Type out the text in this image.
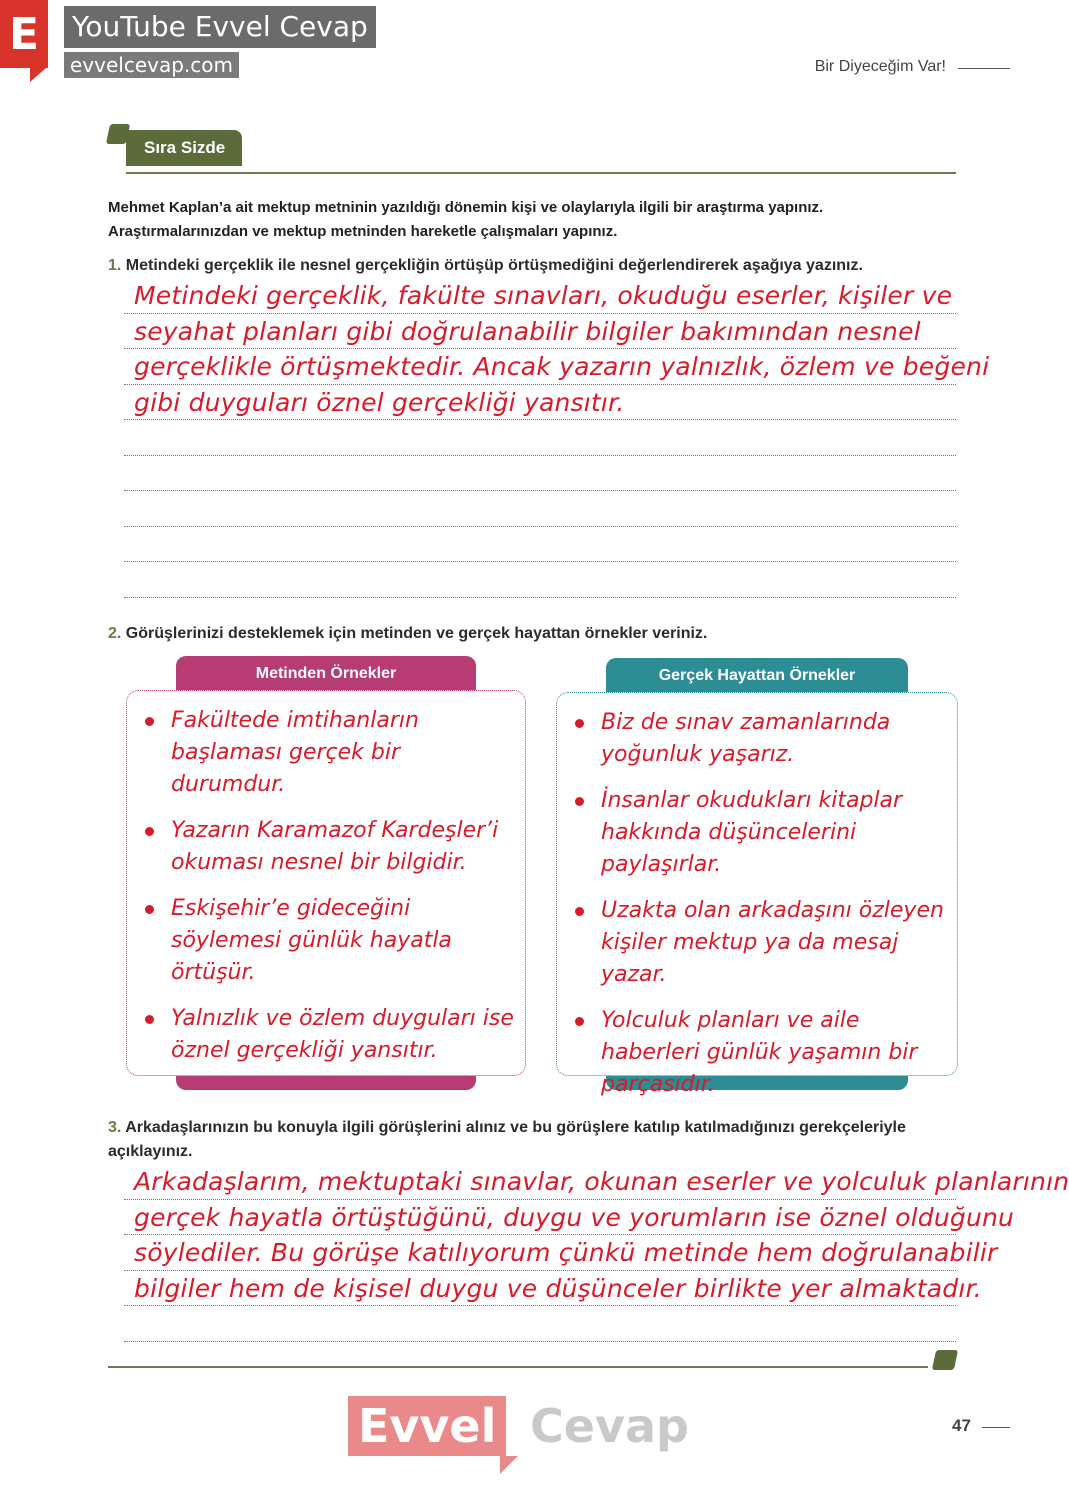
E	YouTube Evvel Cevap
evvelcevap.com	Bir Diyeceğim Var!
Sıra Sizde
Mehmet Kaplan’a ait mektup metninin yazıldığı dönemin kişi ve olaylarıyla ilgili bir araştırma yapınız. Araştırmalarınızdan ve mektup metninden hareketle çalışmaları yapınız.
1. Metindeki gerçeklik ile nesnel gerçekliğin örtüşüp örtüşmediğini değerlendirerek aşağıya yazınız.
Metindeki gerçeklik, fakülte sınavları, okuduğu eserler, kişiler ve
seyahat planları gibi doğrulanabilir bilgiler bakımından nesnel
gerçeklikle örtüşmektedir. Ancak yazarın yalnızlık, özlem ve beğeni
gibi duyguları öznel gerçekliği yansıtır.
2. Görüşlerinizi desteklemek için metinden ve gerçek hayattan örnekler veriniz.
Metinden Örnekler
Fakültede imtihanların başlaması gerçek bir durumdur.
Yazarın Karamazof Kardeşler’i okuması nesnel bir bilgidir.
Eskişehir’e gideceğini söylemesi günlük hayatla örtüşür.
Yalnızlık ve özlem duyguları ise öznel gerçekliği yansıtır.
Gerçek Hayattan Örnekler
Biz de sınav zamanlarında yoğunluk yaşarız.
İnsanlar okudukları kitaplar hakkında düşüncelerini paylaşırlar.
Uzakta olan arkadaşını özleyen kişiler mektup ya da mesaj yazar.
Yolculuk planları ve aile haberleri günlük yaşamın bir parçasıdır.
3. Arkadaşlarınızın bu konuyla ilgili görüşlerini alınız ve bu görüşlere katılıp katılmadığınızı gerekçeleriyle açıklayınız.
Arkadaşlarım, mektuptaki sınavlar, okunan eserler ve yolculuk planlarının
gerçek hayatla örtüştüğünü, duygu ve yorumların ise öznel olduğunu
söylediler. Bu görüşe katılıyorum çünkü metinde hem doğrulanabilir
bilgiler hem de kişisel duygu ve düşünceler birlikte yer almaktadır.
Evvel Cevap	47
